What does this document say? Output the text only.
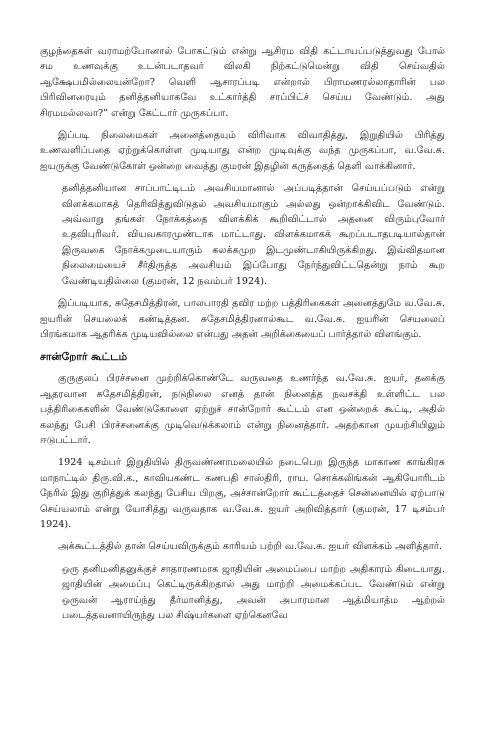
குழந்தைகள் வராமற்போனால் போகட்டும் என்று ஆசிரம விதி கட்டாயப்படுத்துவது போல் சம உணவுக்கு உடன்படாதவர் விலகி நிற்கட்டுமென்று விதி செய்வதில் ஆக்ஷேபமில்லையன்றோ? வெளி ஆசாரப்படி என்றால் பிராமணரல்லாதாரின் பல பிரிவினரையும் தனித்தனியாகவே உட்கார்த்தி சாப்பிட்ச் செய்ய வேண்டும். அது சிரமமல்லவா?” என்று கேட்டார் முருகப்பா.

இப்படி நிலைமைகள் அனைத்தையும் விரிவாக விவாதித்து, இறுதியில் பிரித்து உணவளிப்பதை ஏற்றுக்கொள்ள முடியாது என்ற முடிவுக்கு வந்த முருகப்பா, வ.வே.சு. ஐயருக்கு வேண்டுகோள் ஒன்றை வைத்து குமரன் இதழின் கருத்தைத் தெளி வாக்கினார்.

தனித்தனியான சாப்பாட்டிடம் அவசியமானால் அப்படித்தான் செய்யப்படும் என்று விளக்கமாகத் தெரிவித்துவிடுதல் அவசியமாகும் அல்லது ஒன்றாக்கிவிட வேண்டும். அவ்வாறு தங்கள் நோக்கத்தை விளக்கிக் கூறிவிட்டால் அதனை விரும்புவோர் உதவிபுரிவர். வியவகாரமுண்டாக மாட்டாது. விளக்கமாகக் கூறப்படாதபடியால்தான் இருவகை நோக்கமுடையாரும் கலக்கமுற இடமுண்டாகியிருக்கிறது. இவ்விதமான நிலைமையைச் சீர்திருத்த அவசியம் இப்போது நேர்ந்துவிட்டதென்று நாம் கூற வேண்டியதில்லை (குமரன், 12 நவம்பர் 1924).

இப்படியாக, சுதேசமித்திரன், பாலபாரதி தவிர மற்ற பத்திரிகைகள் அனைத்துமே வ.வே.சு. ஐயரின் செயலைக் கண்டித்தன. சுதேசமித்திரனால்கூட வ.வே.சு. ஐயரின் செயலைப் பிரங்கமாக ஆதரிக்க முடியவில்லை என்பது அதன் அறிக்கையைப் பார்த்தால் விளங்கும்.

சான்றோர் கூட்டம்

குருகுலப் பிரச்சனை முற்றிக்கொண்டே வருவதை உணர்ந்த வ.வே.சு. ஐயர், தனக்கு ஆதரவான சுதேசமித்திரன், நடுநிலை எனத் தான் நினைத்த நவசக்தி உள்ளிட்ட பல பத்திரிகைகளின் வேண்டுகோளை ஏற்றுச் சான்றோர் கூட்டம் என ஒன்றைக் கூட்டி, அதில் கலந்து பேசி பிரச்சனைக்கு முடிவெடுக்கலாம் என்று நினைத்தார். அதற்கான முயற்சியிலும் ஈடுபட்டார்.

1924 டிசம்பர் இறுதியில் திருவண்ணாமலையில் நடைபெற இருந்த மாகாண காங்கிரசு மாநாட்டில் திரு.வி.க., காவியகண்ட கணபதி சாஸ்திரி, ராய. சொக்கலிங்கன் ஆகியோரிடம் நேரில் இது குறித்துக் கலந்து பேசிய பிறகு, அச்சான்றோர் கூட்டத்தைச் சென்னையில் ஏற்பாடு செய்யலாம் என்று யோசித்து வருவதாக வ.வே.சு. ஐயர் அறிவித்தார் (குமரன், 17 டிசம்பர் 1924).

அக்கூட்டத்தில் தான் செய்யவிருக்கும் காரியம் பற்றி வ.வே.சு. ஐயர் விளக்கம் அளித்தார்.

ஒரு தனிமனிதனுக்குச் சாதாரணமாக ஜாதியின் அமைப்பை மாற்ற அதிகாரம் கிடையாது. ஜாதியின் அமைப்பு கெட்டிருக்கிறதால் அது மாற்றி அமைக்கப்பட வேண்டும் என்று ஒருவன் ஆராய்ந்து தீர்மானித்து, அவன் அபாரமான ஆத்மியாத்ம ஆற்றல் படைத்தவனாயிருந்து பல சிஷ்யர்களை ஏற்கெனவே
